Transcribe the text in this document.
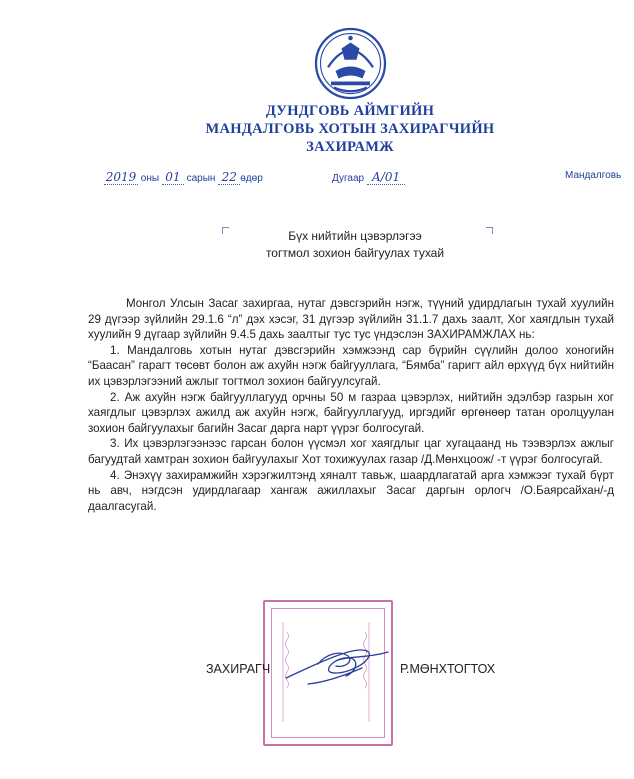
ДУНДГОВЬ АЙМГИЙН
МАНДАЛГОВЬ ХОТЫН ЗАХИРАГЧИЙН
ЗАХИРАМЖ
2019 оны 01 сарын 22 өдөр	Дугаар А/01	Мандалговь
Бүх нийтийн цэвэрлэгээ
тогтмол зохион байгуулах тухай

Монгол Улсын Засаг захиргаа, нутаг дэвсгэрийн нэгж, түүний удирдлагын тухай хуулийн 29 дүгээр зүйлийн 29.1.6 “л” дэх хэсэг, 31 дүгээр зүйлийн 31.1.7 дахь заалт, Хог хаягдлын тухай хуулийн 9 дүгаар зүйлийн 9.4.5 дахь заалтыг тус тус үндэслэн ЗАХИРАМЖЛАХ нь:

1. Мандалговь хотын нутаг дэвсгэрийн хэмжээнд сар бүрийн сүүлийн долоо хоногийн “Баасан” гарагт төсөвт болон аж ахуйн нэгж байгууллага, “Бямба” гаригт айл өрхүүд бүх нийтийн их цэвэрлэгээний ажлыг тогтмол зохион байгуулсугай.

2. Аж ахуйн нэгж байгууллагууд орчны 50 м газраа цэвэрлэх, нийтийн эдэлбэр газрын хог хаягдлыг цэвэрлэх ажилд аж ахуйн нэгж, байгууллагууд, иргэдийг өргөнөөр татан оролцуулан зохион байгуулахыг багийн Засаг дарга нарт үүрэг болгосугай.

3. Их цэвэрлэгээнээс гарсан болон үүсмэл хог хаягдлыг цаг хугацаанд нь тээвэрлэх ажлыг багуудтай хамтран зохион байгуулахыг Хот тохижуулах газар /Д.Мөнхцоож/ -т үүрэг болгосугай.

4. Энэхүү захирамжийн хэрэгжилтэнд хяналт тавьж, шаардлагатай арга хэмжээг тухай бүрт нь авч, нэгдсэн удирдлагаар хангаж ажиллахыг Засаг даргын орлогч /О.Баярсайхан/-д даалгасугай.

ЗАХИРАГЧ	Р.МӨНХТОГТОХ
